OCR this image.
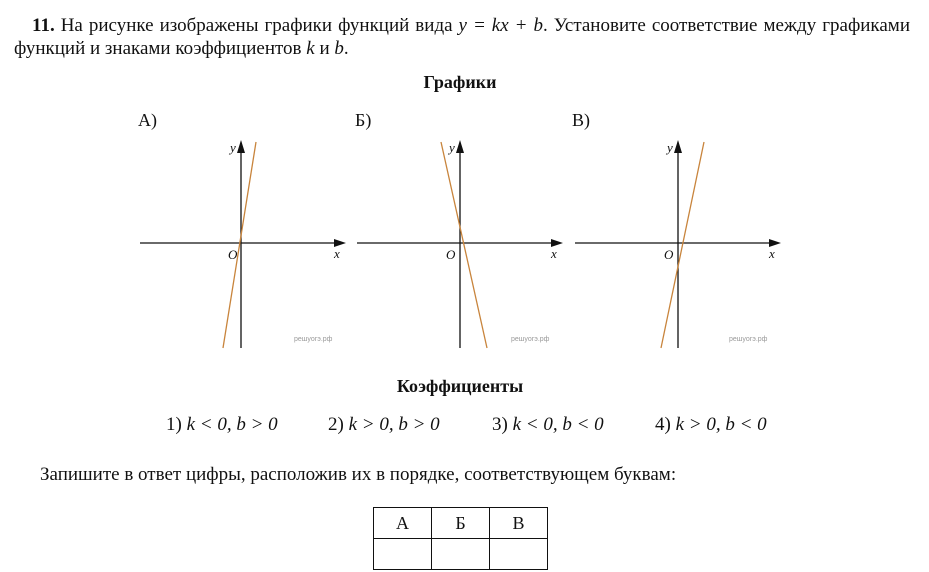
11. На рисунке изображены графики функций вида y = kx + b. Установите соответствие между графиками функций и знаками коэффициентов k и b.
Графики
А)	Б)	В)
y
x
O
решуогэ.рф
y
x
O
решуогэ.рф
y
x
O
решуогэ.рф
Коэффициенты
1) k < 0, b > 0	2) k > 0, b > 0	3) k < 0, b < 0	4) k > 0, b < 0
Запишите в ответ цифры, расположив их в порядке, соответствующем буквам:
А	Б	В
